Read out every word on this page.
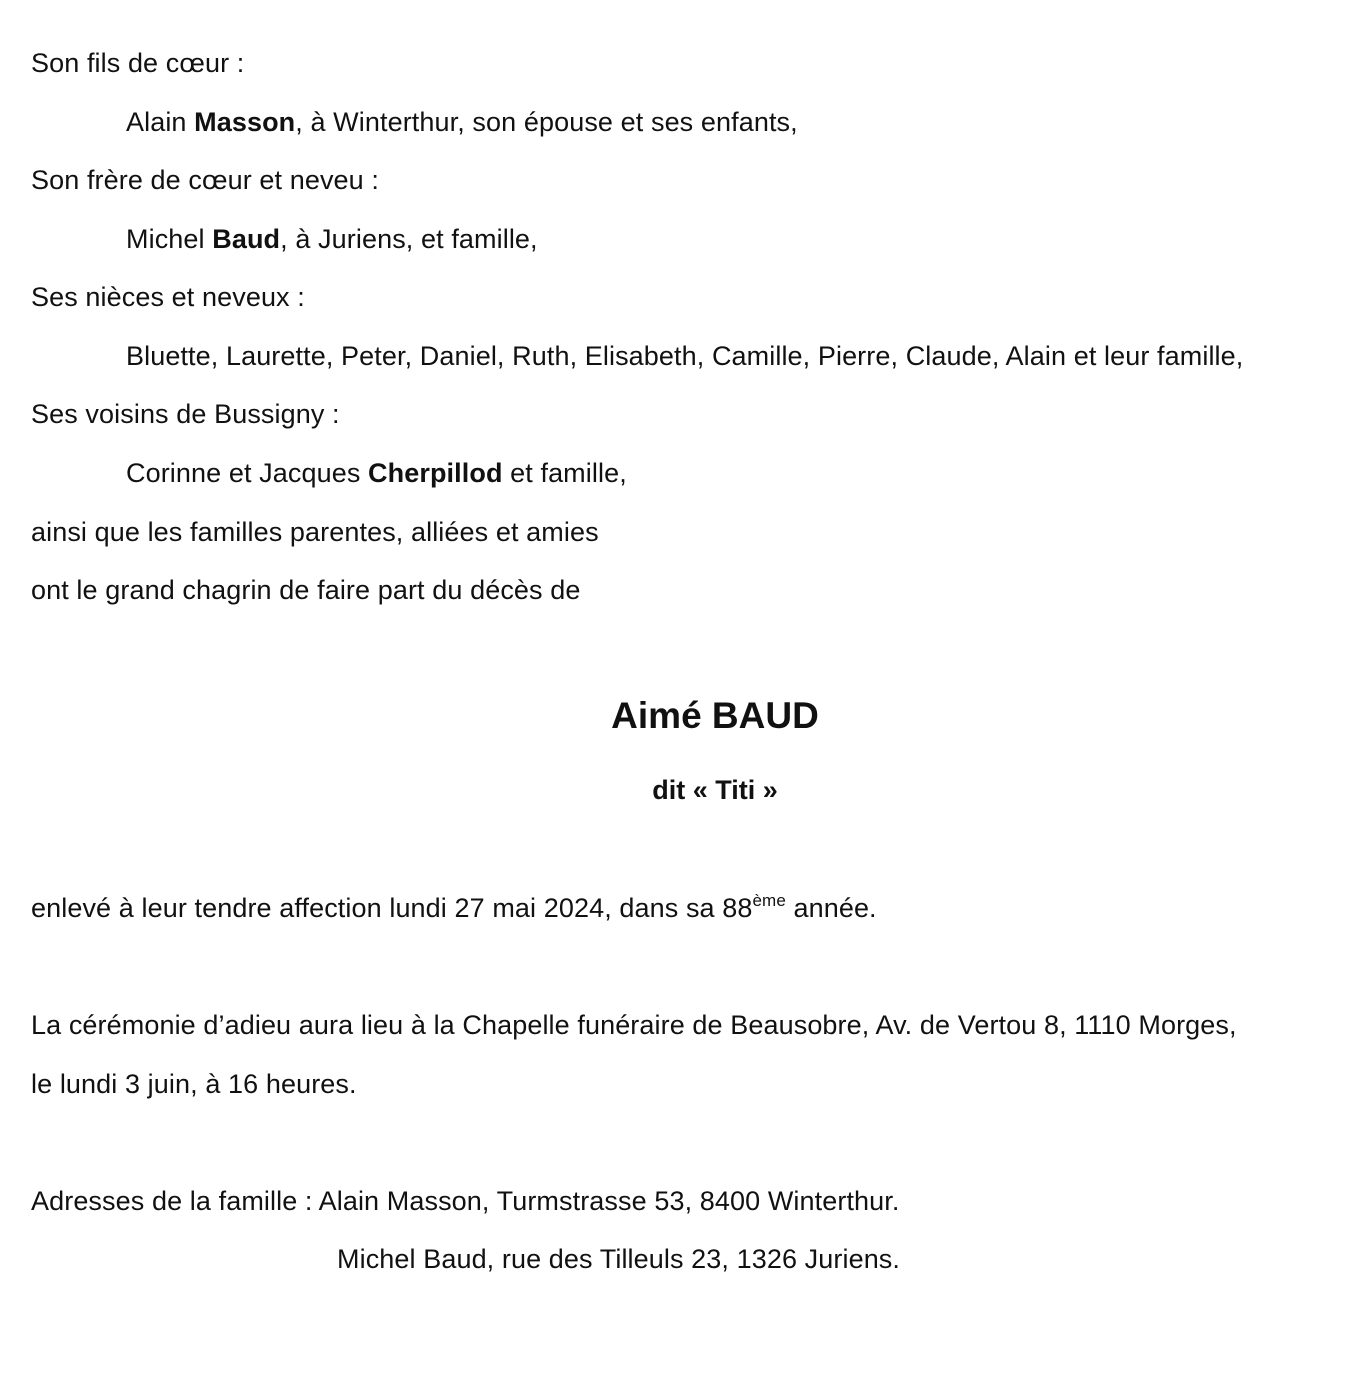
Son fils de cœur :
Alain Masson, à Winterthur, son épouse et ses enfants,
Son frère de cœur et neveu :
Michel Baud, à Juriens, et famille,
Ses nièces et neveux :
Bluette, Laurette, Peter, Daniel, Ruth, Elisabeth, Camille, Pierre, Claude, Alain et leur famille,
Ses voisins de Bussigny :
Corinne et Jacques Cherpillod et famille,
ainsi que les familles parentes, alliées et amies
ont le grand chagrin de faire part du décès de
Aimé BAUD
dit « Titi »
enlevé à leur tendre affection lundi 27 mai 2024, dans sa 88ème année.
La cérémonie d’adieu aura lieu à la Chapelle funéraire de Beausobre, Av. de Vertou 8, 1110 Morges,
le lundi 3 juin, à 16 heures.
Adresses de la famille : Alain Masson, Turmstrasse 53, 8400 Winterthur.
Michel Baud, rue des Tilleuls 23, 1326 Juriens.
